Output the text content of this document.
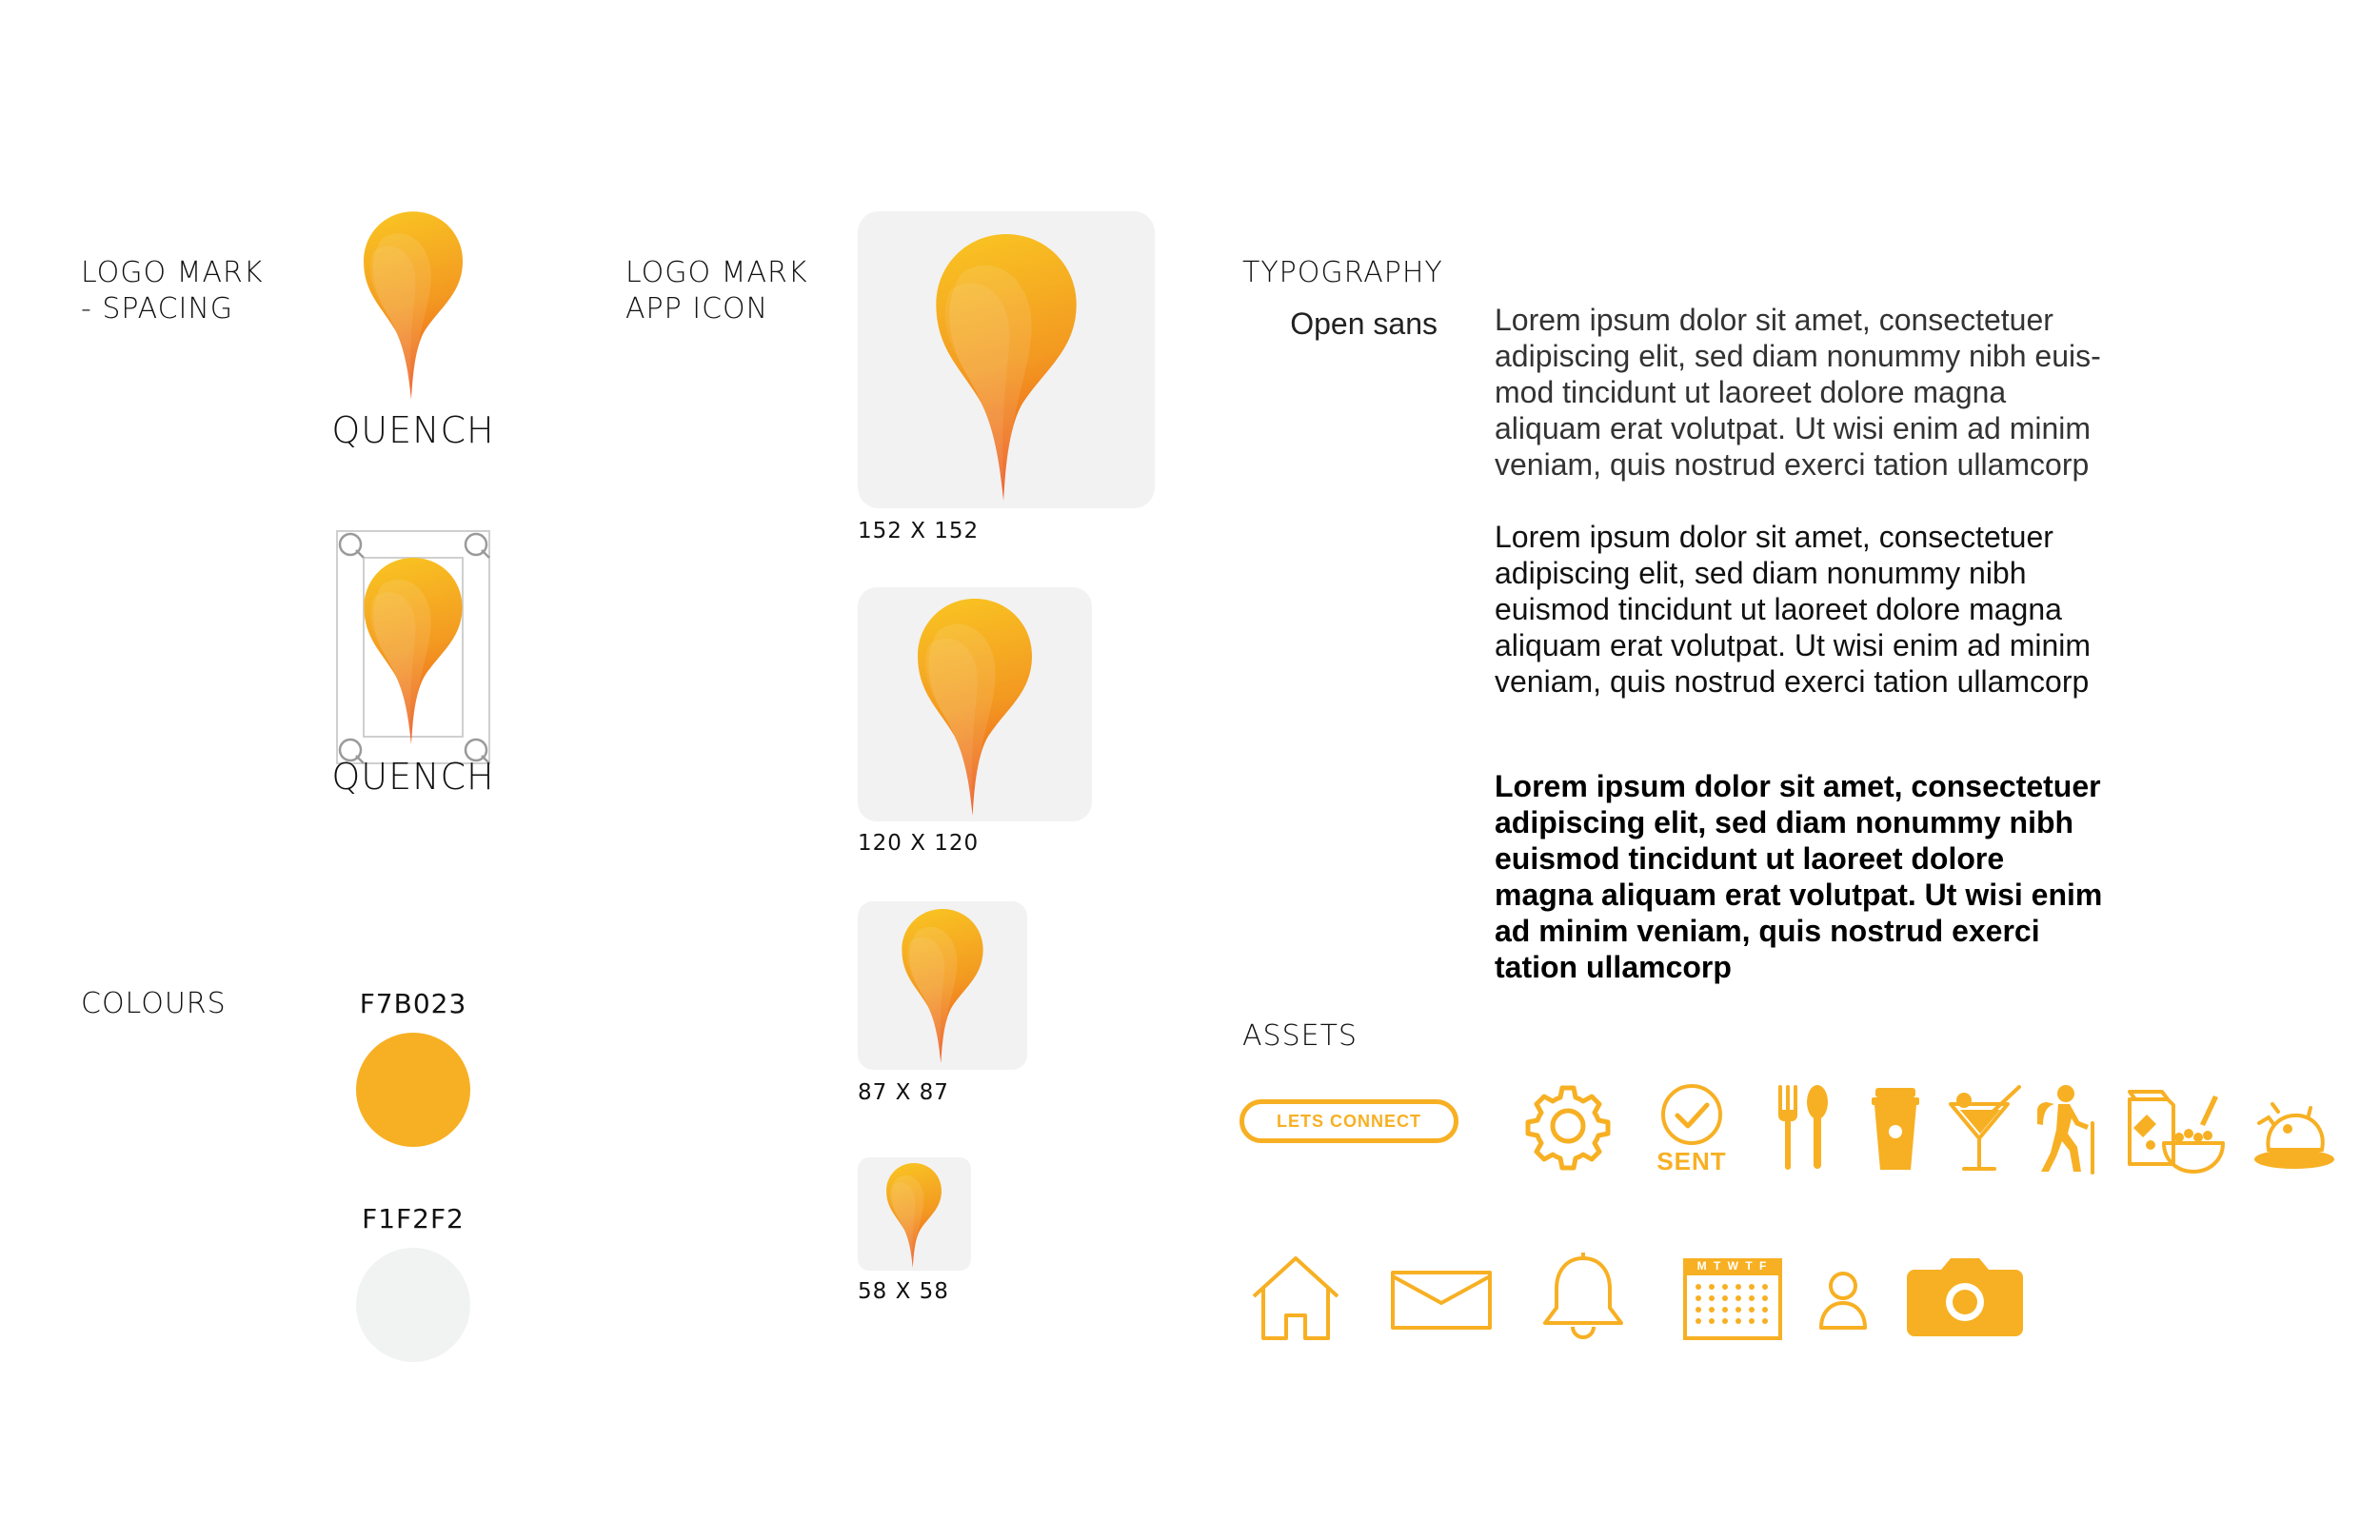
LOGO MARK
- SPACING
QUENCH
QUENCH
COLOURS	F7B023
F1F2F2
LOGO MARK
APP ICON
152 X 152
120 X 120
87 X 87
58 X 58
TYPOGRAPHY
Open sans Lorem ipsum dolor sit amet, consectetuer adipiscing elit, sed diam nonummy nibh euis-mod tincidunt ut laoreet dolore magna aliquam erat volutpat. Ut wisi enim ad minim veniam, quis nostrud exerci tation ullamcorp
Lorem ipsum dolor sit amet, consectetuer adipiscing elit, sed diam nonummy nibh euismod tincidunt ut laoreet dolore magna aliquam erat volutpat. Ut wisi enim ad minim veniam, quis nostrud exerci tation ullamcorp
Lorem ipsum dolor sit amet, consectetuer adipiscing elit, sed diam nonummy nibh euismod tincidunt ut laoreet dolore magna aliquam erat volutpat. Ut wisi enim ad minim veniam, quis nostrud exerci tation ullamcorp
ASSETS
LETS CONNECT
SENT
M T W T F
